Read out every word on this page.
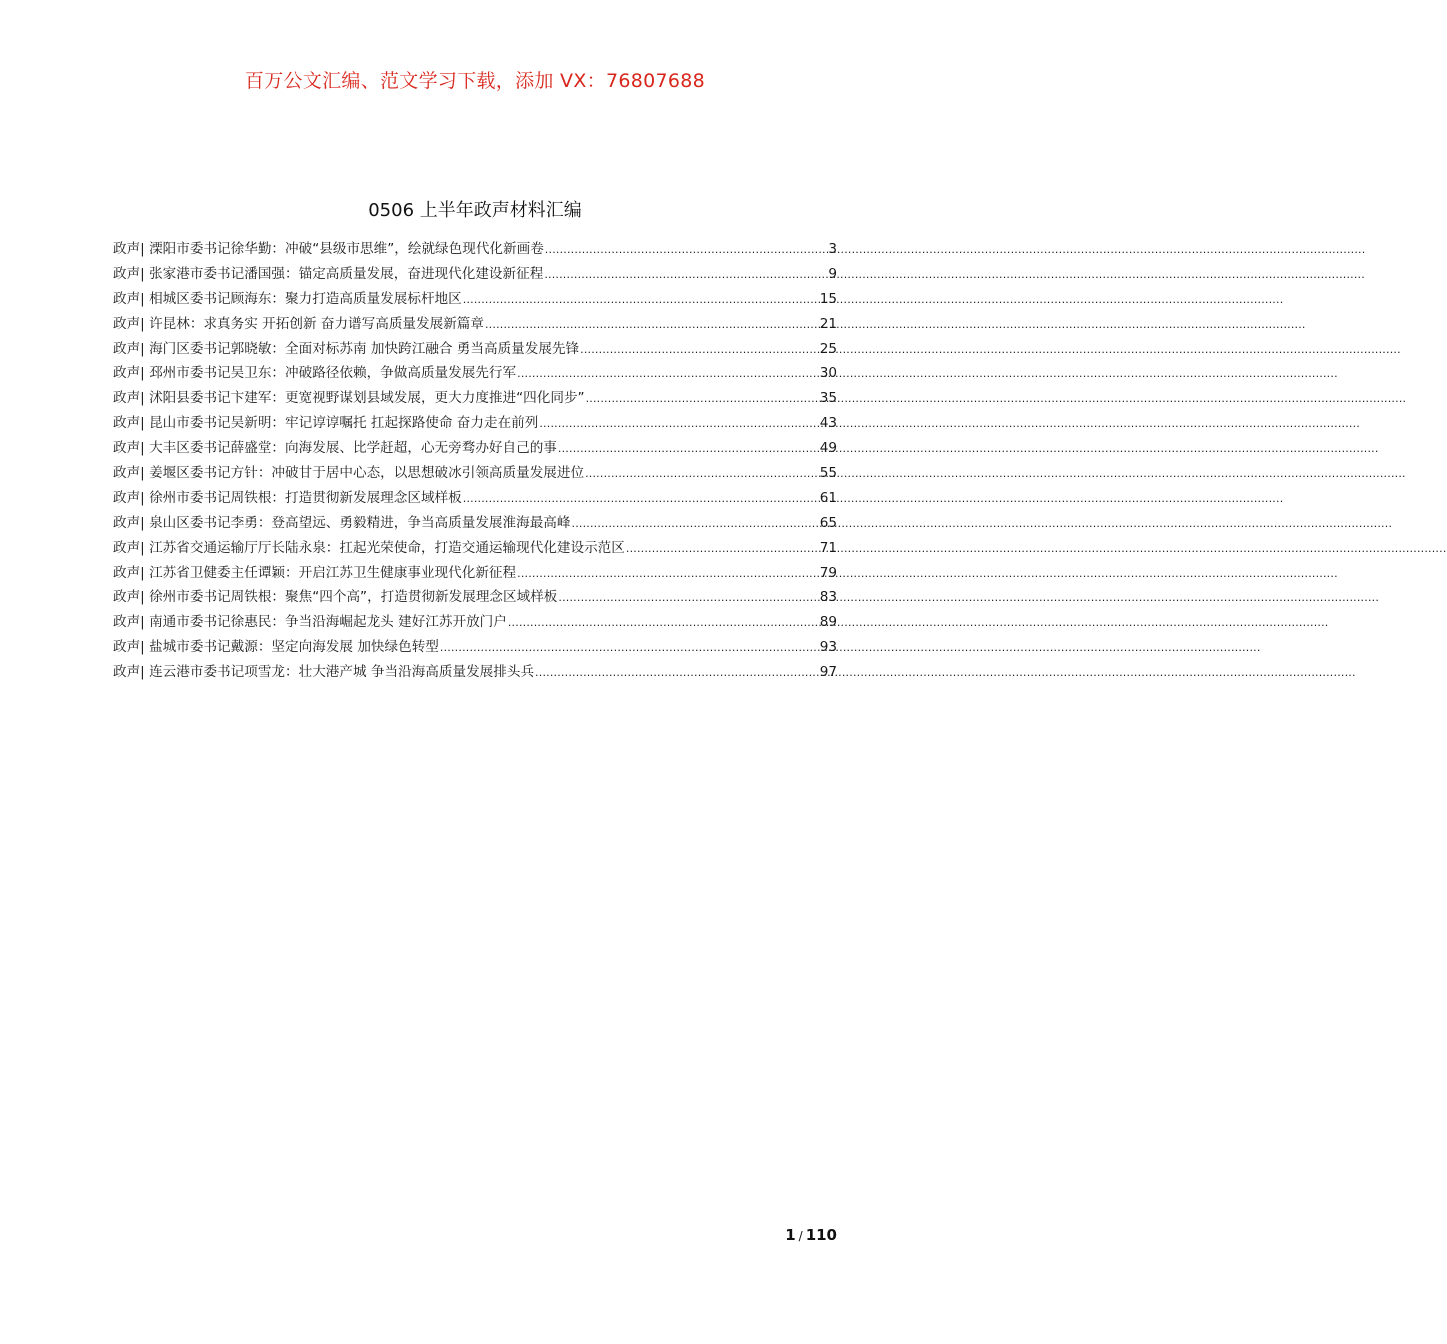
百万公文汇编、范文学习下载，添加 VX：76807688
0506 上半年政声材料汇编
政声| 溧阳市委书记徐华勤：冲破“县级市思维”，绘就绿色现代化新画卷 .....	3
政声| 张家港市委书记潘国强：锚定高质量发展，奋进现代化建设新征程 .....	9
政声| 相城区委书记顾海东：聚力打造高质量发展标杆地区 .....	15
政声| 许昆林：求真务实 开拓创新 奋力谱写高质量发展新篇章 .....	21
政声| 海门区委书记郭晓敏：全面对标苏南 加快跨江融合 勇当高质量发展先锋 .....	25
政声| 邳州市委书记吴卫东：冲破路径依赖，争做高质量发展先行军 .....	30
政声| 沭阳县委书记卞建军：更宽视野谋划县域发展，更大力度推进“四化同步” .....	35
政声| 昆山市委书记吴新明：牢记谆谆嘱托 扛起探路使命 奋力走在前列 .....	43
政声| 大丰区委书记薛盛堂：向海发展、比学赶超，心无旁骛办好自己的事 .....	49
政声| 姜堰区委书记方针：冲破甘于居中心态，以思想破冰引领高质量发展进位 .....	55
政声| 徐州市委书记周铁根：打造贯彻新发展理念区域样板 .....	61
政声| 泉山区委书记李勇：登高望远、勇毅精进，争当高质量发展淮海最高峰 .....	65
政声| 江苏省交通运输厅厅长陆永泉：扛起光荣使命，打造交通运输现代化建设示范区 .....	71
政声| 江苏省卫健委主任谭颖：开启江苏卫生健康事业现代化新征程 .....	79
政声| 徐州市委书记周铁根：聚焦“四个高”，打造贯彻新发展理念区域样板 .....	83
政声| 南通市委书记徐惠民：争当沿海崛起龙头 建好江苏开放门户 .....	89
政声| 盐城市委书记戴源：坚定向海发展 加快绿色转型 .....	93
政声| 连云港市委书记项雪龙：壮大港产城 争当沿海高质量发展排头兵 .....	97
1 / 110
